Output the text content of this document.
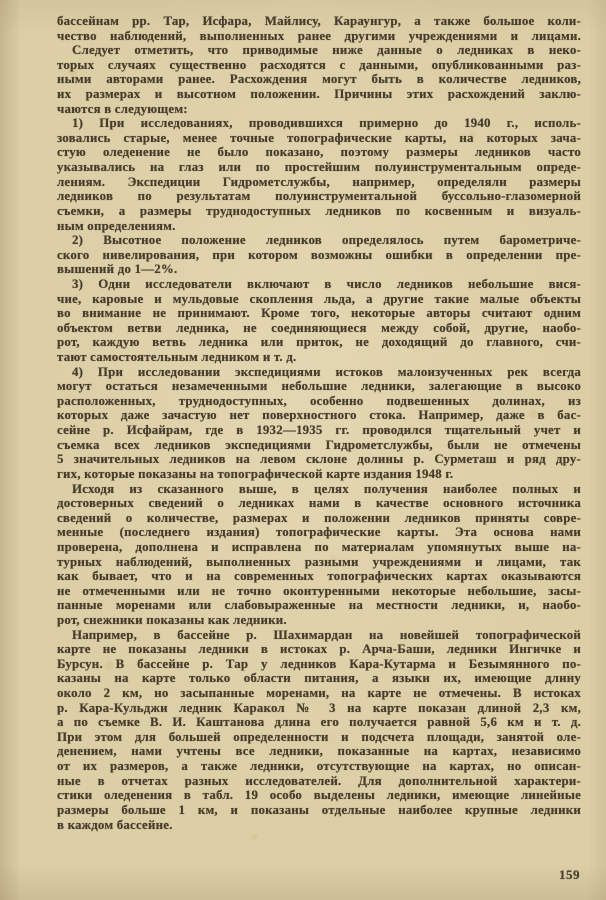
бассейнам рр. Тар, Исфара, Майлису, Караунгур, а также большое коли-
чество наблюдений, выполненных ранее другими учреждениями и лицами.
Следует отметить, что приводимые ниже данные о ледниках в неко-
торых случаях существенно расходятся с данными, опубликованными раз-
ными авторами ранее. Расхождения могут быть в количестве ледников,
их размерах и высотном положении. Причины этих расхождений заклю-
чаются в следующем:
1) При исследованиях, проводившихся примерно до 1940 г., исполь-
зовались старые, менее точные топографические карты, на которых зача-
стую оледенение не было показано, поэтому размеры ледников часто
указывались на глаз или по простейшим полуинструментальным опреде-
лениям. Экспедиции Гидрометслужбы, например, определяли размеры
ледников по результатам полуинструментальной буссольно-глазомерной
съемки, а размеры труднодоступных ледников по косвенным и визуаль-
ным определениям.
2) Высотное положение ледников определялось путем барометриче-
ского нивелирования, при котором возможны ошибки в определении пре-
вышений до 1—2%.
3) Одни исследователи включают в число ледников небольшие вися-
чие, каровые и мульдовые скопления льда, а другие такие малые объекты
во внимание не принимают. Кроме того, некоторые авторы считают одним
объектом ветви ледника, не соединяющиеся между собой, другие, наобо-
рот, каждую ветвь ледника или приток, не доходящий до главного, счи-
тают самостоятельным ледником и т. д.
4) При исследовании экспедициями истоков малоизученных рек всегда
могут остаться незамеченными небольшие ледники, залегающие в высоко
расположенных, труднодоступных, особенно подвешенных долинах, из
которых даже зачастую нет поверхностного стока. Например, даже в бас-
сейне р. Исфайрам, где в 1932—1935 гг. проводился тщательный учет и
съемка всех ледников экспедициями Гидрометслужбы, были не отмечены
5 значительных ледников на левом склоне долины р. Сурметаш и ряд дру-
гих, которые показаны на топографической карте издания 1948 г.
Исходя из сказанного выше, в целях получения наиболее полных и
достоверных сведений о ледниках нами в качестве основного источника
сведений о количестве, размерах и положении ледников приняты совре-
менные (последнего издания) топографические карты. Эта основа нами
проверена, дополнена и исправлена по материалам упомянутых выше на-
турных наблюдений, выполненных разными учреждениями и лицами, так
как бывает, что и на современных топографических картах оказываются
не отмеченными или не точно оконтуренными некоторые небольшие, засы-
панные моренами или слабовыраженные на местности ледники, и, наобо-
рот, снежники показаны как ледники.
Например, в бассейне р. Шахимардан на новейшей топографической
карте не показаны ледники в истоках р. Арча-Баши, ледники Ингичке и
Бурсун. В бассейне р. Тар у ледников Кара-Кутарма и Безымянного по-
казаны на карте только области питания, а языки их, имеющие длину
около 2 км, но засыпанные моренами, на карте не отмечены. В истоках
р. Кара-Кульджи ледник Каракол № 3 на карте показан длиной 2,3 км,
а по съемке В. И. Каштанова длина его получается равной 5,6 км и т. д.
При этом для большей определенности и подсчета площади, занятой оле-
денением, нами учтены все ледники, показанные на картах, независимо
от их размеров, а также ледники, отсутствующие на картах, но описан-
ные в отчетах разных исследователей. Для дополнительной характери-
стики оледенения в табл. 19 особо выделены ледники, имеющие линейные
размеры больше 1 км, и показаны отдельные наиболее крупные ледники
в каждом бассейне.
159
